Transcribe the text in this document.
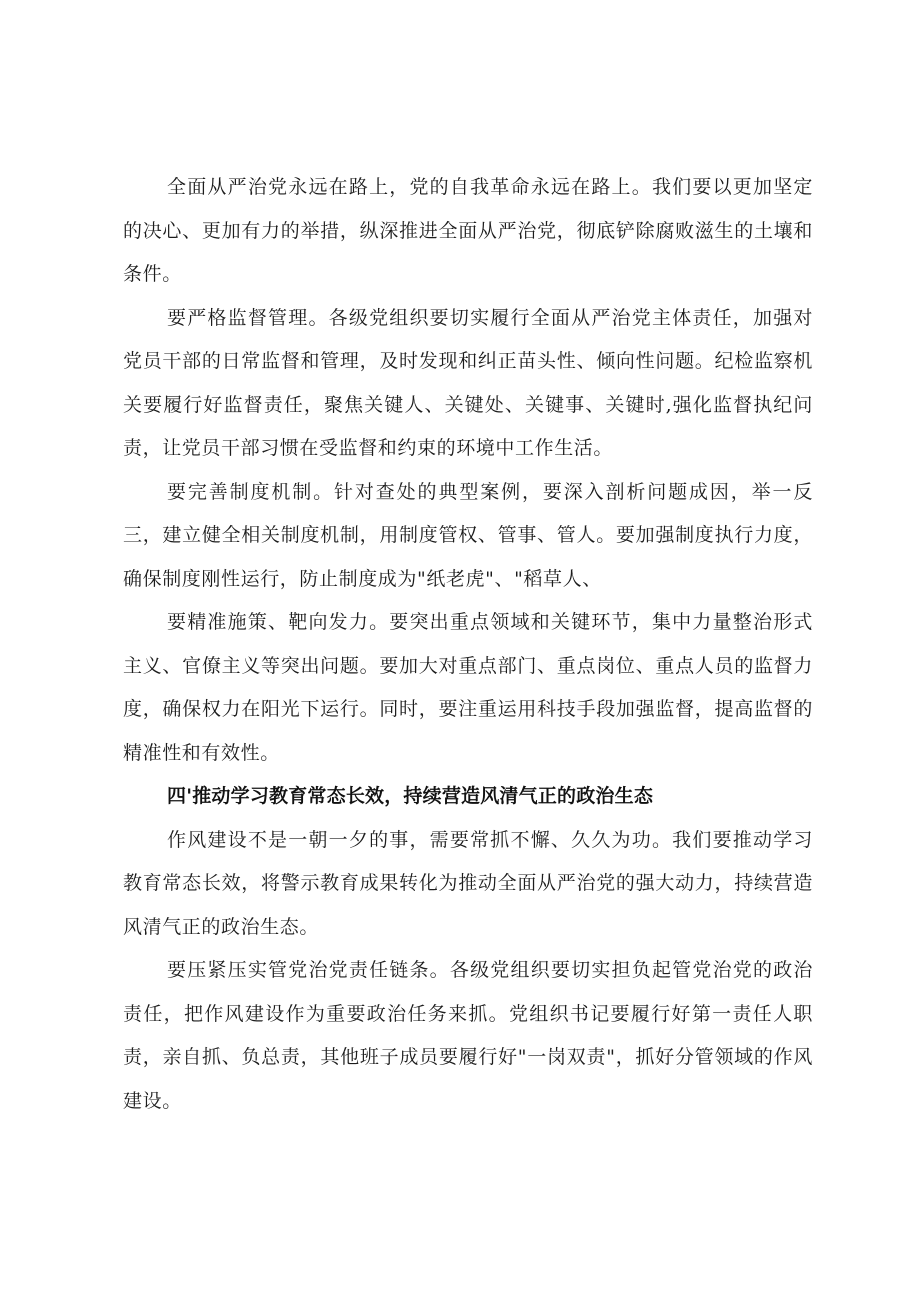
全面从严治党永远在路上，党的自我革命永远在路上。我们要以更加坚定的决心、更加有力的举措，纵深推进全面从严治党，彻底铲除腐败滋生的土壤和条件。

要严格监督管理。各级党组织要切实履行全面从严治党主体责任，加强对党员干部的日常监督和管理，及时发现和纠正苗头性、倾向性问题。纪检监察机关要履行好监督责任，聚焦关键人、关键处、关键事、关键时,强化监督执纪问责，让党员干部习惯在受监督和约束的环境中工作生活。

要完善制度机制。针对查处的典型案例，要深入剖析问题成因，举一反三，建立健全相关制度机制，用制度管权、管事、管人。要加强制度执行力度，确保制度刚性运行，防止制度成为"纸老虎"、"稻草人、

要精准施策、靶向发力。要突出重点领域和关键环节，集中力量整治形式主义、官僚主义等突出问题。要加大对重点部门、重点岗位、重点人员的监督力度，确保权力在阳光下运行。同时，要注重运用科技手段加强监督，提高监督的精准性和有效性。

四'推动学习教育常态长效，持续营造风清气正的政治生态

作风建设不是一朝一夕的事，需要常抓不懈、久久为功。我们要推动学习教育常态长效，将警示教育成果转化为推动全面从严治党的强大动力，持续营造风清气正的政治生态。

要压紧压实管党治党责任链条。各级党组织要切实担负起管党治党的政治责任，把作风建设作为重要政治任务来抓。党组织书记要履行好第一责任人职责，亲自抓、负总责，其他班子成员要履行好"一岗双责"，抓好分管领域的作风建设。
